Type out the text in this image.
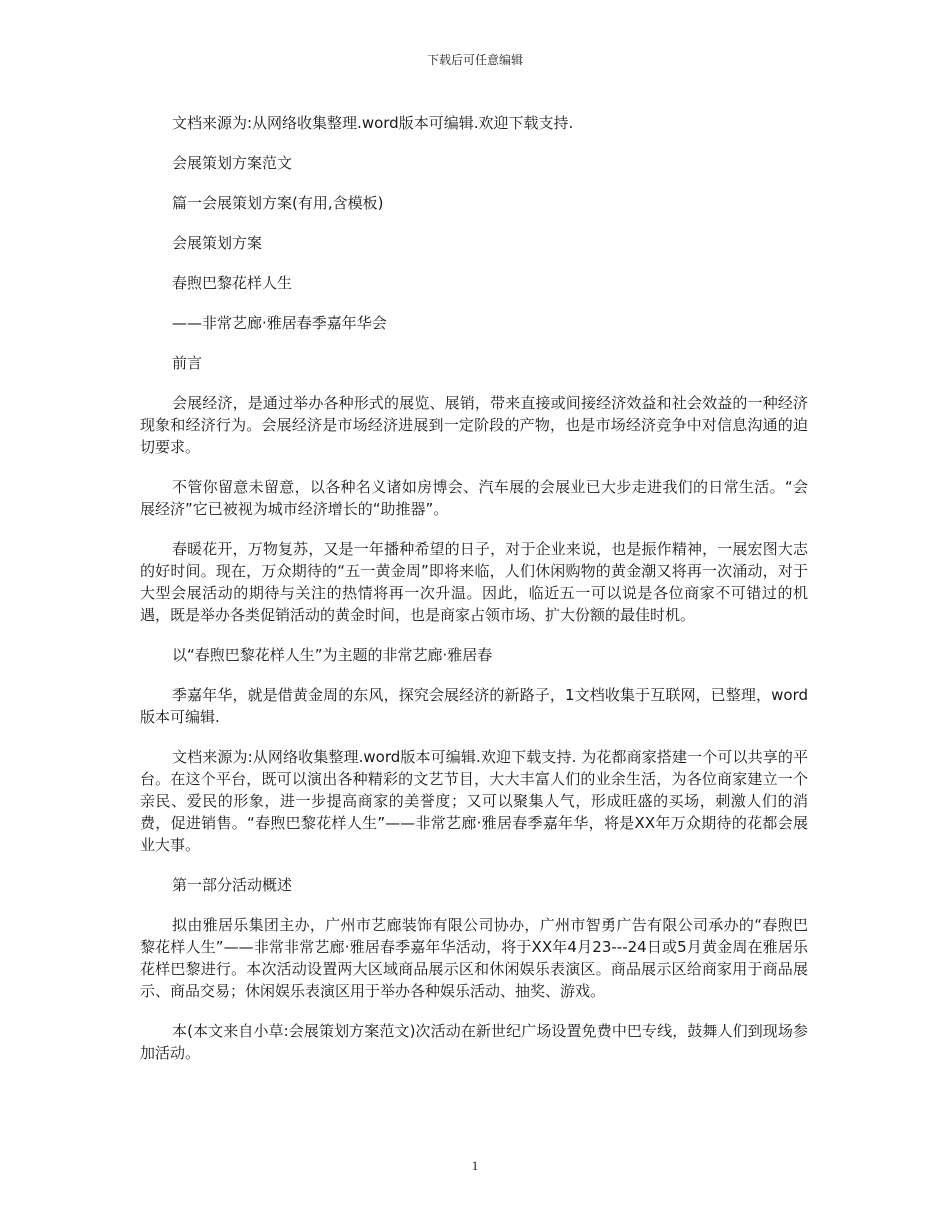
下载后可任意编辑

文档来源为:从网络收集整理.word版本可编辑.欢迎下载支持.

会展策划方案范文

篇一会展策划方案(有用,含模板)

会展策划方案

春煦巴黎花样人生

——非常艺廊·雅居春季嘉年华会

前言

会展经济，是通过举办各种形式的展览、展销，带来直接或间接经济效益和社会效益的一种经济现象和经济行为。会展经济是市场经济进展到一定阶段的产物，也是市场经济竞争中对信息沟通的迫切要求。

不管你留意未留意，以各种名义诸如房博会、汽车展的会展业已大步走进我们的日常生活。“会展经济”它已被视为城市经济增长的“助推器”。

春暖花开，万物复苏，又是一年播种希望的日子，对于企业来说，也是振作精神，一展宏图大志的好时间。现在，万众期待的“五一黄金周”即将来临，人们休闲购物的黄金潮又将再一次涌动，对于大型会展活动的期待与关注的热情将再一次升温。因此，临近五一可以说是各位商家不可错过的机遇，既是举办各类促销活动的黄金时间，也是商家占领市场、扩大份额的最佳时机。

以“春煦巴黎花样人生”为主题的非常艺廊·雅居春

季嘉年华，就是借黄金周的东风，探究会展经济的新路子，1文档收集于互联网，已整理，word版本可编辑.

文档来源为:从网络收集整理.word版本可编辑.欢迎下载支持. 为花都商家搭建一个可以共享的平台。在这个平台，既可以演出各种精彩的文艺节目，大大丰富人们的业余生活，为各位商家建立一个亲民、爱民的形象，进一步提高商家的美誉度；又可以聚集人气，形成旺盛的买场，刺激人们的消费，促进销售。“春煦巴黎花样人生”——非常艺廊·雅居春季嘉年华，将是XX年万众期待的花都会展业大事。

第一部分活动概述

拟由雅居乐集团主办，广州市艺廊装饰有限公司协办，广州市智勇广告有限公司承办的“春煦巴黎花样人生”——非常非常艺廊·雅居春季嘉年华活动，将于XX年4月23---24日或5月黄金周在雅居乐花样巴黎进行。本次活动设置两大区域商品展示区和休闲娱乐表演区。商品展示区给商家用于商品展示、商品交易；休闲娱乐表演区用于举办各种娱乐活动、抽奖、游戏。

本(本文来自小草:会展策划方案范文)次活动在新世纪广场设置免费中巴专线，鼓舞人们到现场参加活动。

1
